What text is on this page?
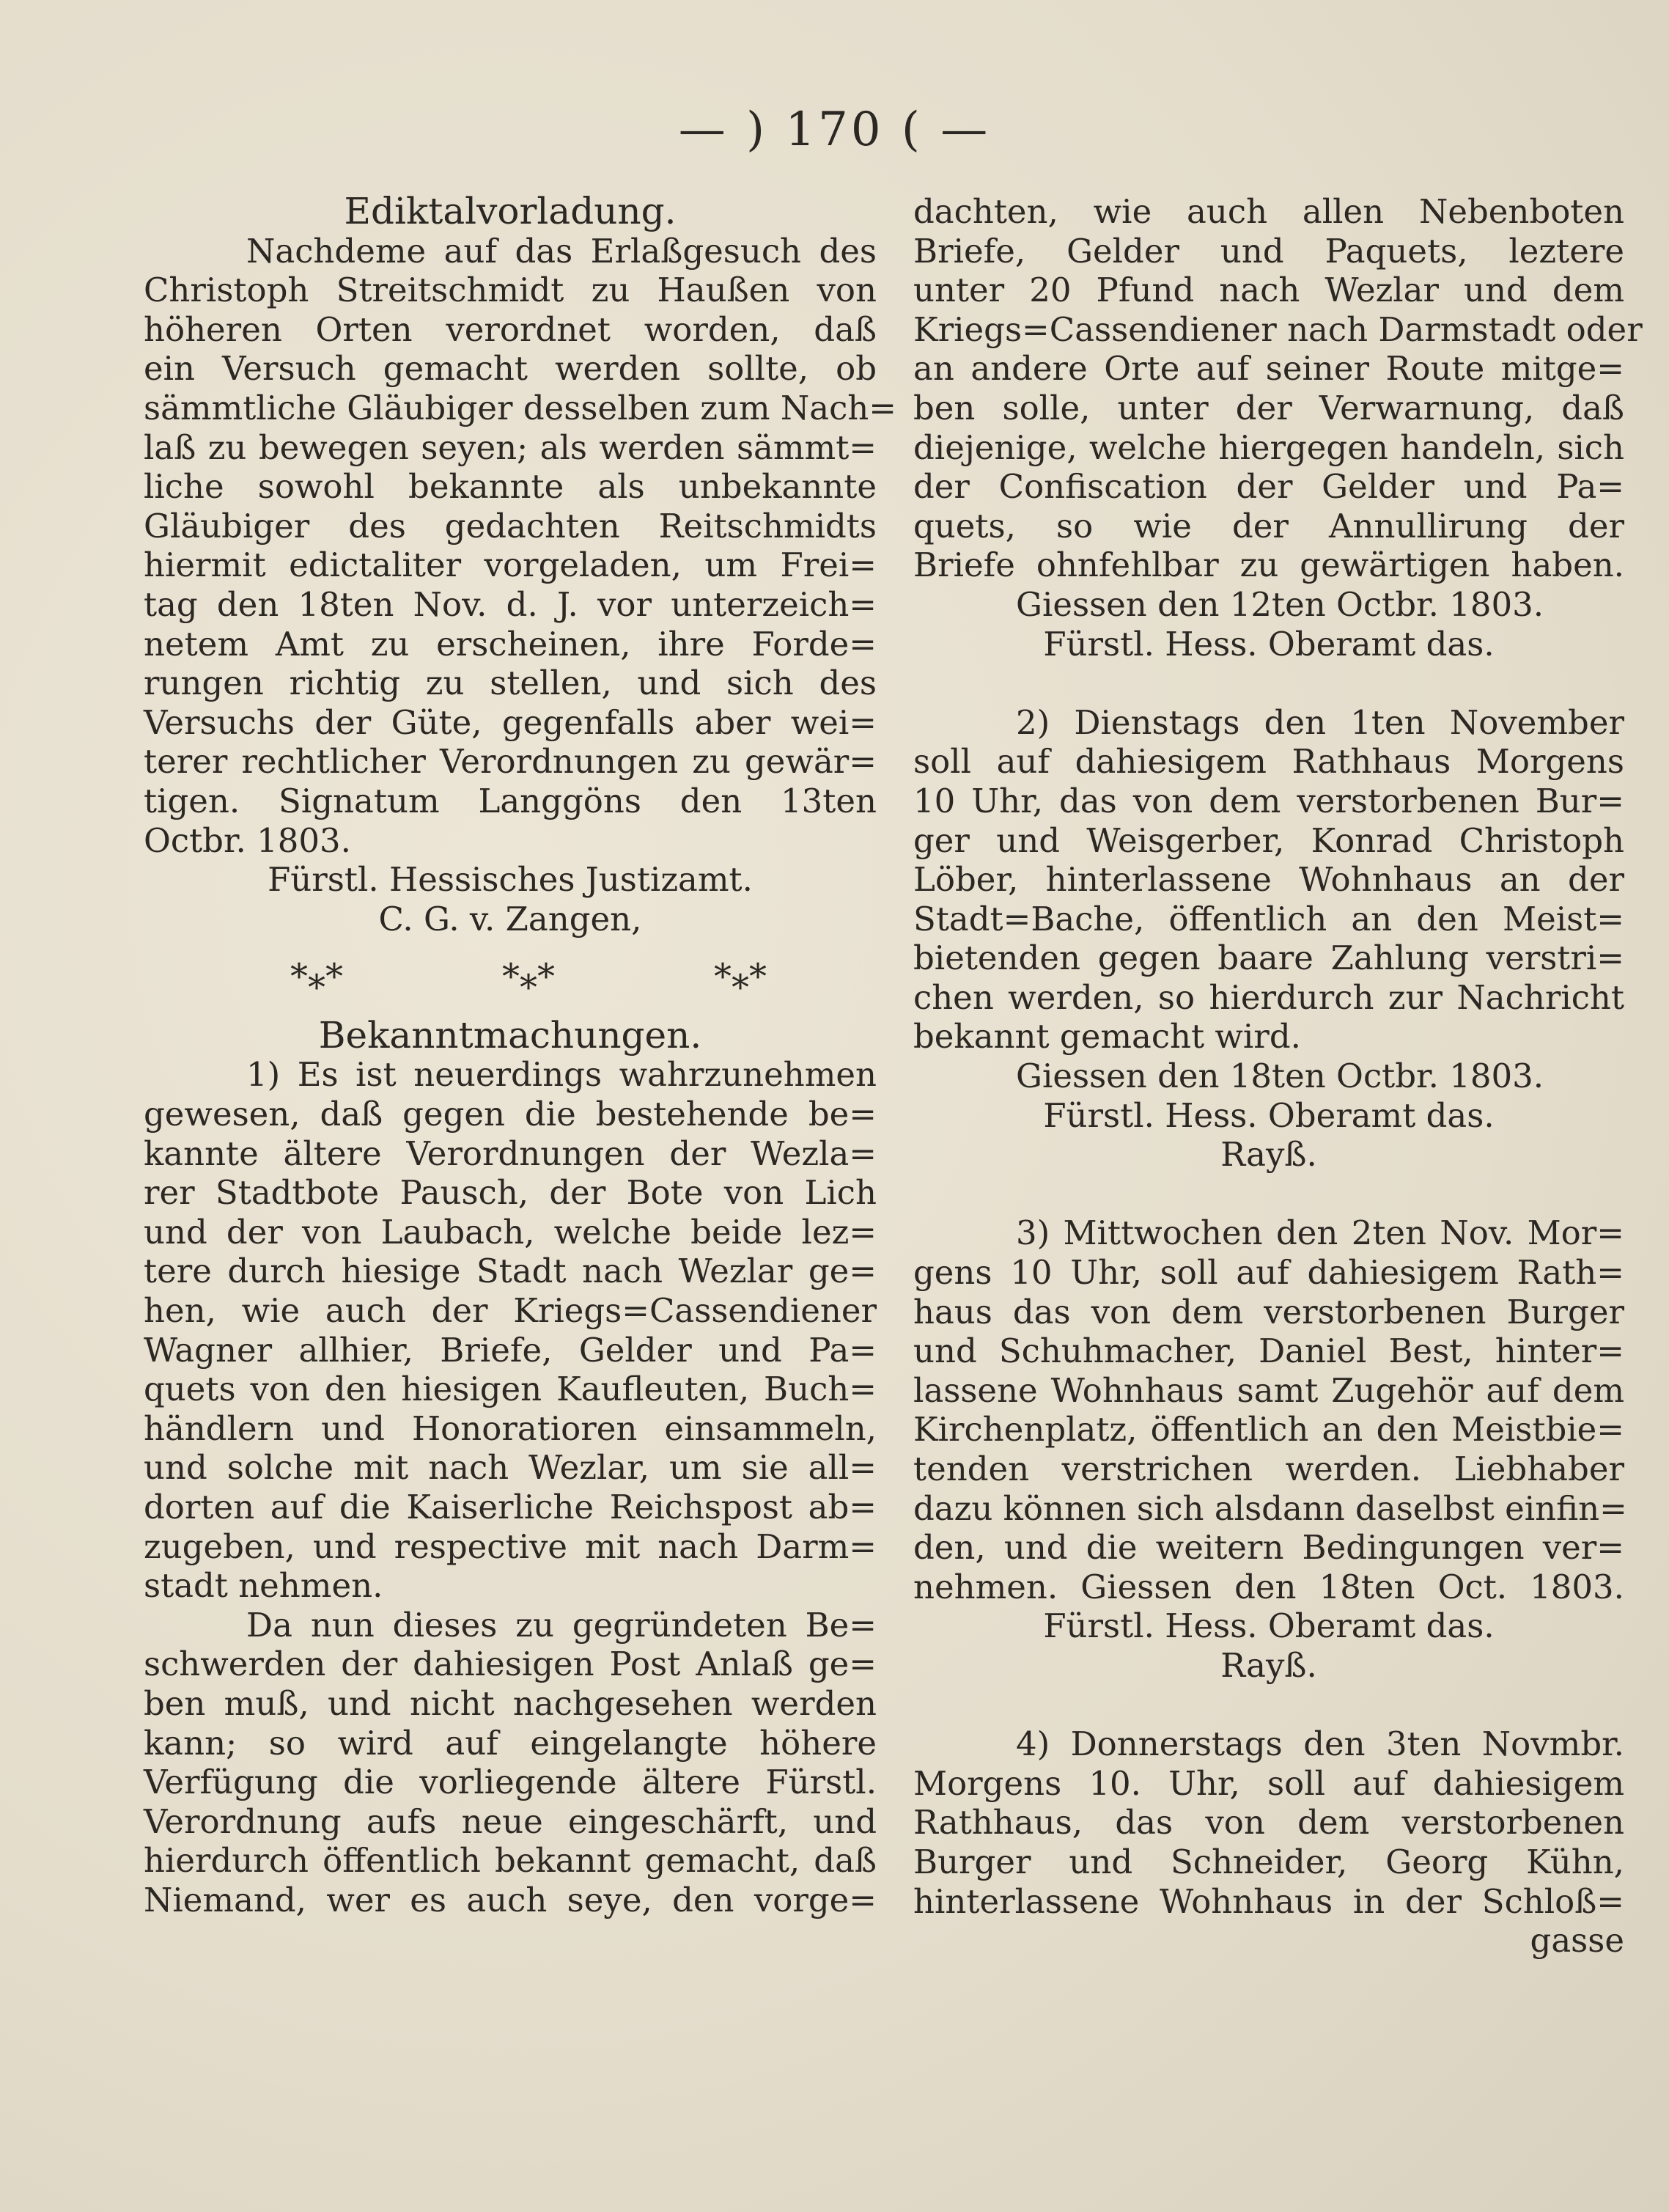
— ) 170 ( —
Ediktalvorladung.
Nachdeme auf das Erlaßgesuch des
Christoph Streitschmidt zu Haußen von
höheren Orten verordnet worden, daß
ein Versuch gemacht werden sollte, ob
sämmtliche Gläubiger desselben zum Nach=
laß zu bewegen seyen; als werden sämmt=
liche sowohl bekannte als unbekannte
Gläubiger des gedachten Reitschmidts
hiermit edictaliter vorgeladen, um Frei=
tag den 18ten Nov. d. J. vor unterzeich=
netem Amt zu erscheinen, ihre Forde=
rungen richtig zu stellen, und sich des
Versuchs der Güte, gegenfalls aber wei=
terer rechtlicher Verordnungen zu gewär=
tigen. Signatum Langgöns den 13ten
Octbr. 1803.
Fürstl. Hessisches Justizamt.
C. G. v. Zangen,
*⁎*	*⁎*	*⁎*
Bekanntmachungen.
1) Es ist neuerdings wahrzunehmen
gewesen, daß gegen die bestehende be=
kannte ältere Verordnungen der Wezla=
rer Stadtbote Pausch, der Bote von Lich
und der von Laubach, welche beide lez=
tere durch hiesige Stadt nach Wezlar ge=
hen, wie auch der Kriegs=Cassendiener
Wagner allhier, Briefe, Gelder und Pa=
quets von den hiesigen Kaufleuten, Buch=
händlern und Honoratioren einsammeln,
und solche mit nach Wezlar, um sie all=
dorten auf die Kaiserliche Reichspost ab=
zugeben, und respective mit nach Darm=
stadt nehmen.
Da nun dieses zu gegründeten Be=
schwerden der dahiesigen Post Anlaß ge=
ben muß, und nicht nachgesehen werden
kann; so wird auf eingelangte höhere
Verfügung die vorliegende ältere Fürstl.
Verordnung aufs neue eingeschärft, und
hierdurch öffentlich bekannt gemacht, daß
Niemand, wer es auch seye, den vorge=
dachten, wie auch allen Nebenboten
Briefe, Gelder und Paquets, leztere
unter 20 Pfund nach Wezlar und dem
Kriegs=Cassendiener nach Darmstadt oder
an andere Orte auf seiner Route mitge=
ben solle, unter der Verwarnung, daß
diejenige, welche hiergegen handeln, sich
der Confiscation der Gelder und Pa=
quets, so wie der Annullirung der
Briefe ohnfehlbar zu gewärtigen haben.
Giessen den 12ten Octbr. 1803.
Fürstl. Hess. Oberamt das.
2) Dienstags den 1ten November
soll auf dahiesigem Rathhaus Morgens
10 Uhr, das von dem verstorbenen Bur=
ger und Weisgerber, Konrad Christoph
Löber, hinterlassene Wohnhaus an der
Stadt=Bache, öffentlich an den Meist=
bietenden gegen baare Zahlung verstri=
chen werden, so hierdurch zur Nachricht
bekannt gemacht wird.
Giessen den 18ten Octbr. 1803.
Fürstl. Hess. Oberamt das.
Rayß.
3) Mittwochen den 2ten Nov. Mor=
gens 10 Uhr, soll auf dahiesigem Rath=
haus das von dem verstorbenen Burger
und Schuhmacher, Daniel Best, hinter=
lassene Wohnhaus samt Zugehör auf dem
Kirchenplatz, öffentlich an den Meistbie=
tenden verstrichen werden. Liebhaber
dazu können sich alsdann daselbst einfin=
den, und die weitern Bedingungen ver=
nehmen. Giessen den 18ten Oct. 1803.
Fürstl. Hess. Oberamt das.
Rayß.
4) Donnerstags den 3ten Novmbr.
Morgens 10. Uhr, soll auf dahiesigem
Rathhaus, das von dem verstorbenen
Burger und Schneider, Georg Kühn,
hinterlassene Wohnhaus in der Schloß=
gasse
